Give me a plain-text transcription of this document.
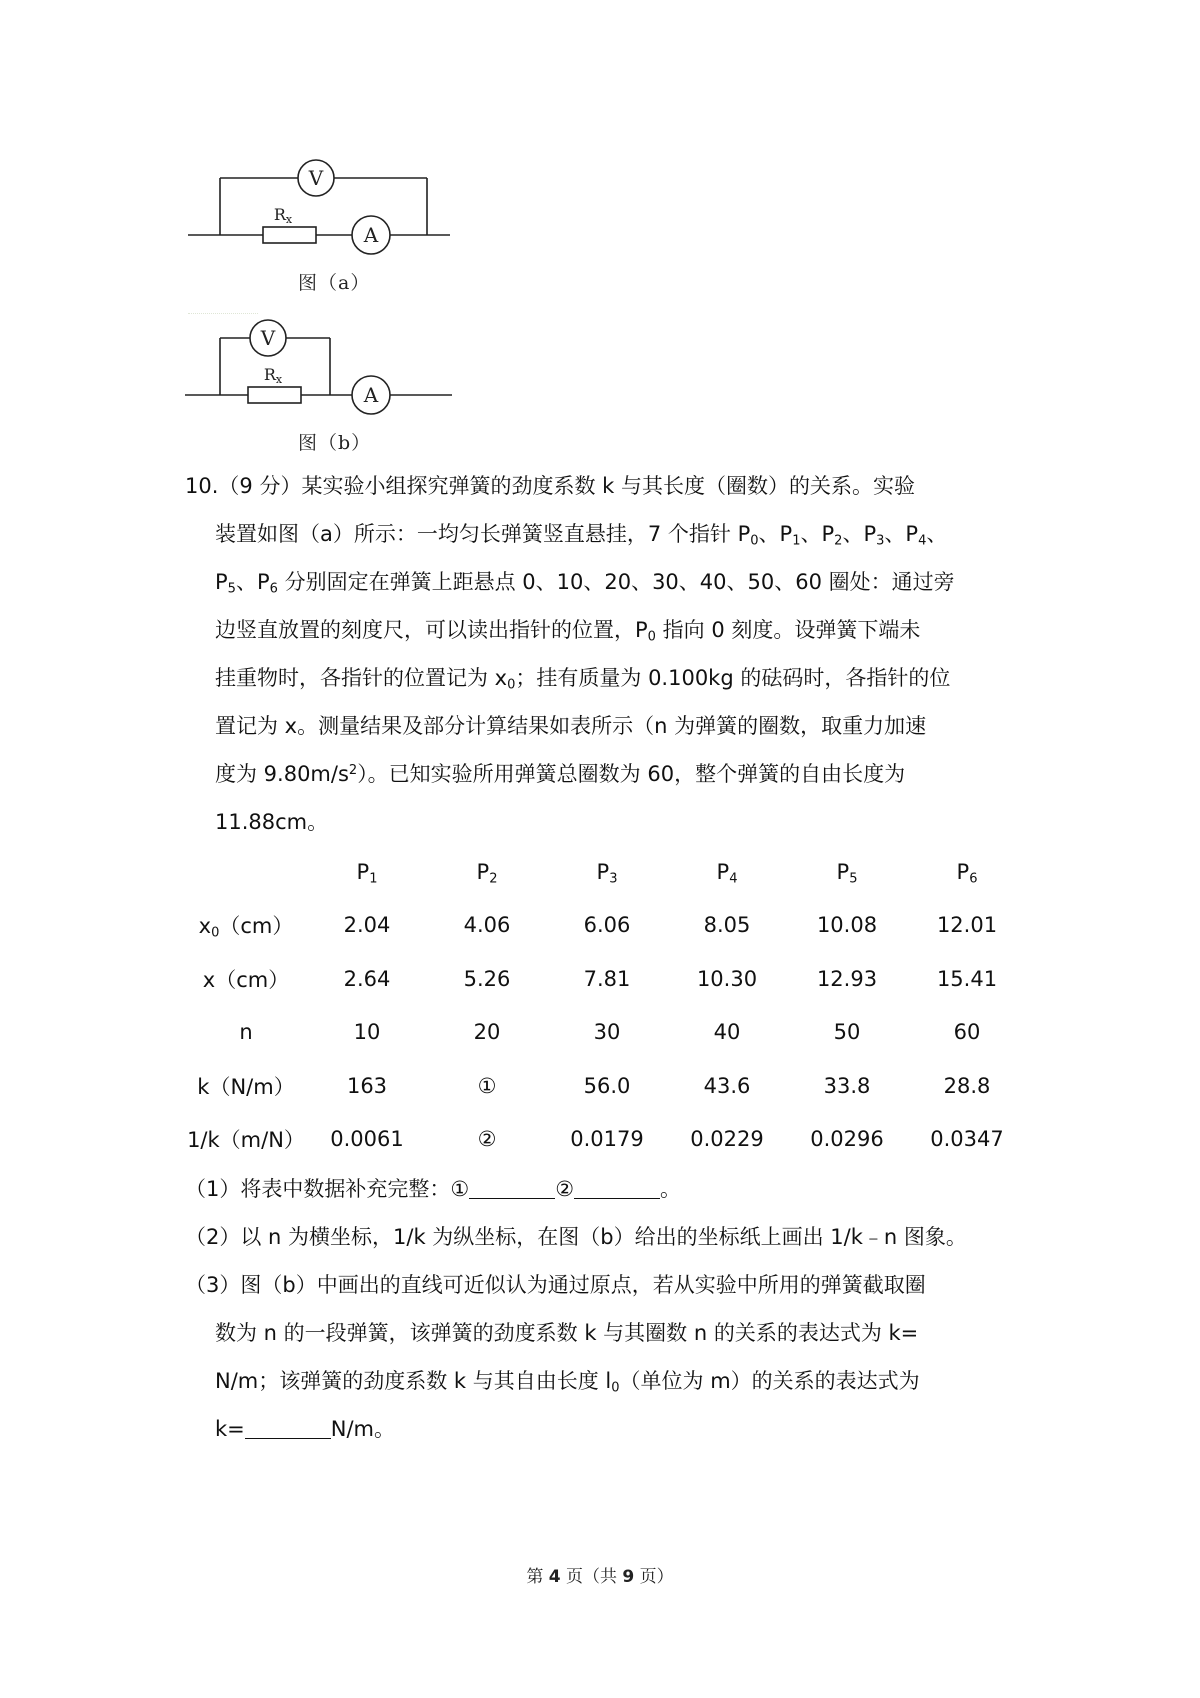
V
A
Rx
图（a）
V
A
Rx
图（b）
10.（9 分）某实验小组探究弹簧的劲度系数 k 与其长度（圈数）的关系。实验
装置如图（a）所示：一均匀长弹簧竖直悬挂，7 个指针 $P_0$、$P_1$、$P_2$、$P_3$、$P_4$、
$P_5$、$P_6$ 分别固定在弹簧上距悬点 0、10、20、30、40、50、60 圈处：通过旁
边竖直放置的刻度尺，可以读出指针的位置，$P_0$ 指向 0 刻度。设弹簧下端未
挂重物时，各指针的位置记为 $x_0$；挂有质量为 0.100kg 的砝码时，各指针的位
置记为 x。测量结果及部分计算结果如表所示（n 为弹簧的圈数，取重力加速
度为 $9.80m/s^2$）。已知实验所用弹簧总圈数为 60，整个弹簧的自由长度为
11.88cm。
	$P_1$	$P_2$	$P_3$	$P_4$	$P_5$	$P_6$
$x_0(cm)$	2.04	4.06	6.06	8.05	10.08	12.01
x（cm）	2.64	5.26	7.81	10.30	12.93	15.41
n	10	20	30	40	50	60
k（N/m）	163	①	56.0	43.6	33.8	28.8
1/k（m/N）	0.0061	②	0.0179	0.0229	0.0296	0.0347
（1）将表中数据补充完整：①	②	。
（2）以 n 为横坐标，1/k 为纵坐标，在图（b）给出的坐标纸上画出 1/k﹣n 图象。
（3）图（b）中画出的直线可近似认为通过原点，若从实验中所用的弹簧截取圈
数为 n 的一段弹簧，该弹簧的劲度系数 k 与其圈数 n 的关系的表达式为 k=
N/m；该弹簧的劲度系数 k 与其自由长度 $l_0$（单位为 m）的关系的表达式为
k=	N/m。
第 4 页（共 9 页）
